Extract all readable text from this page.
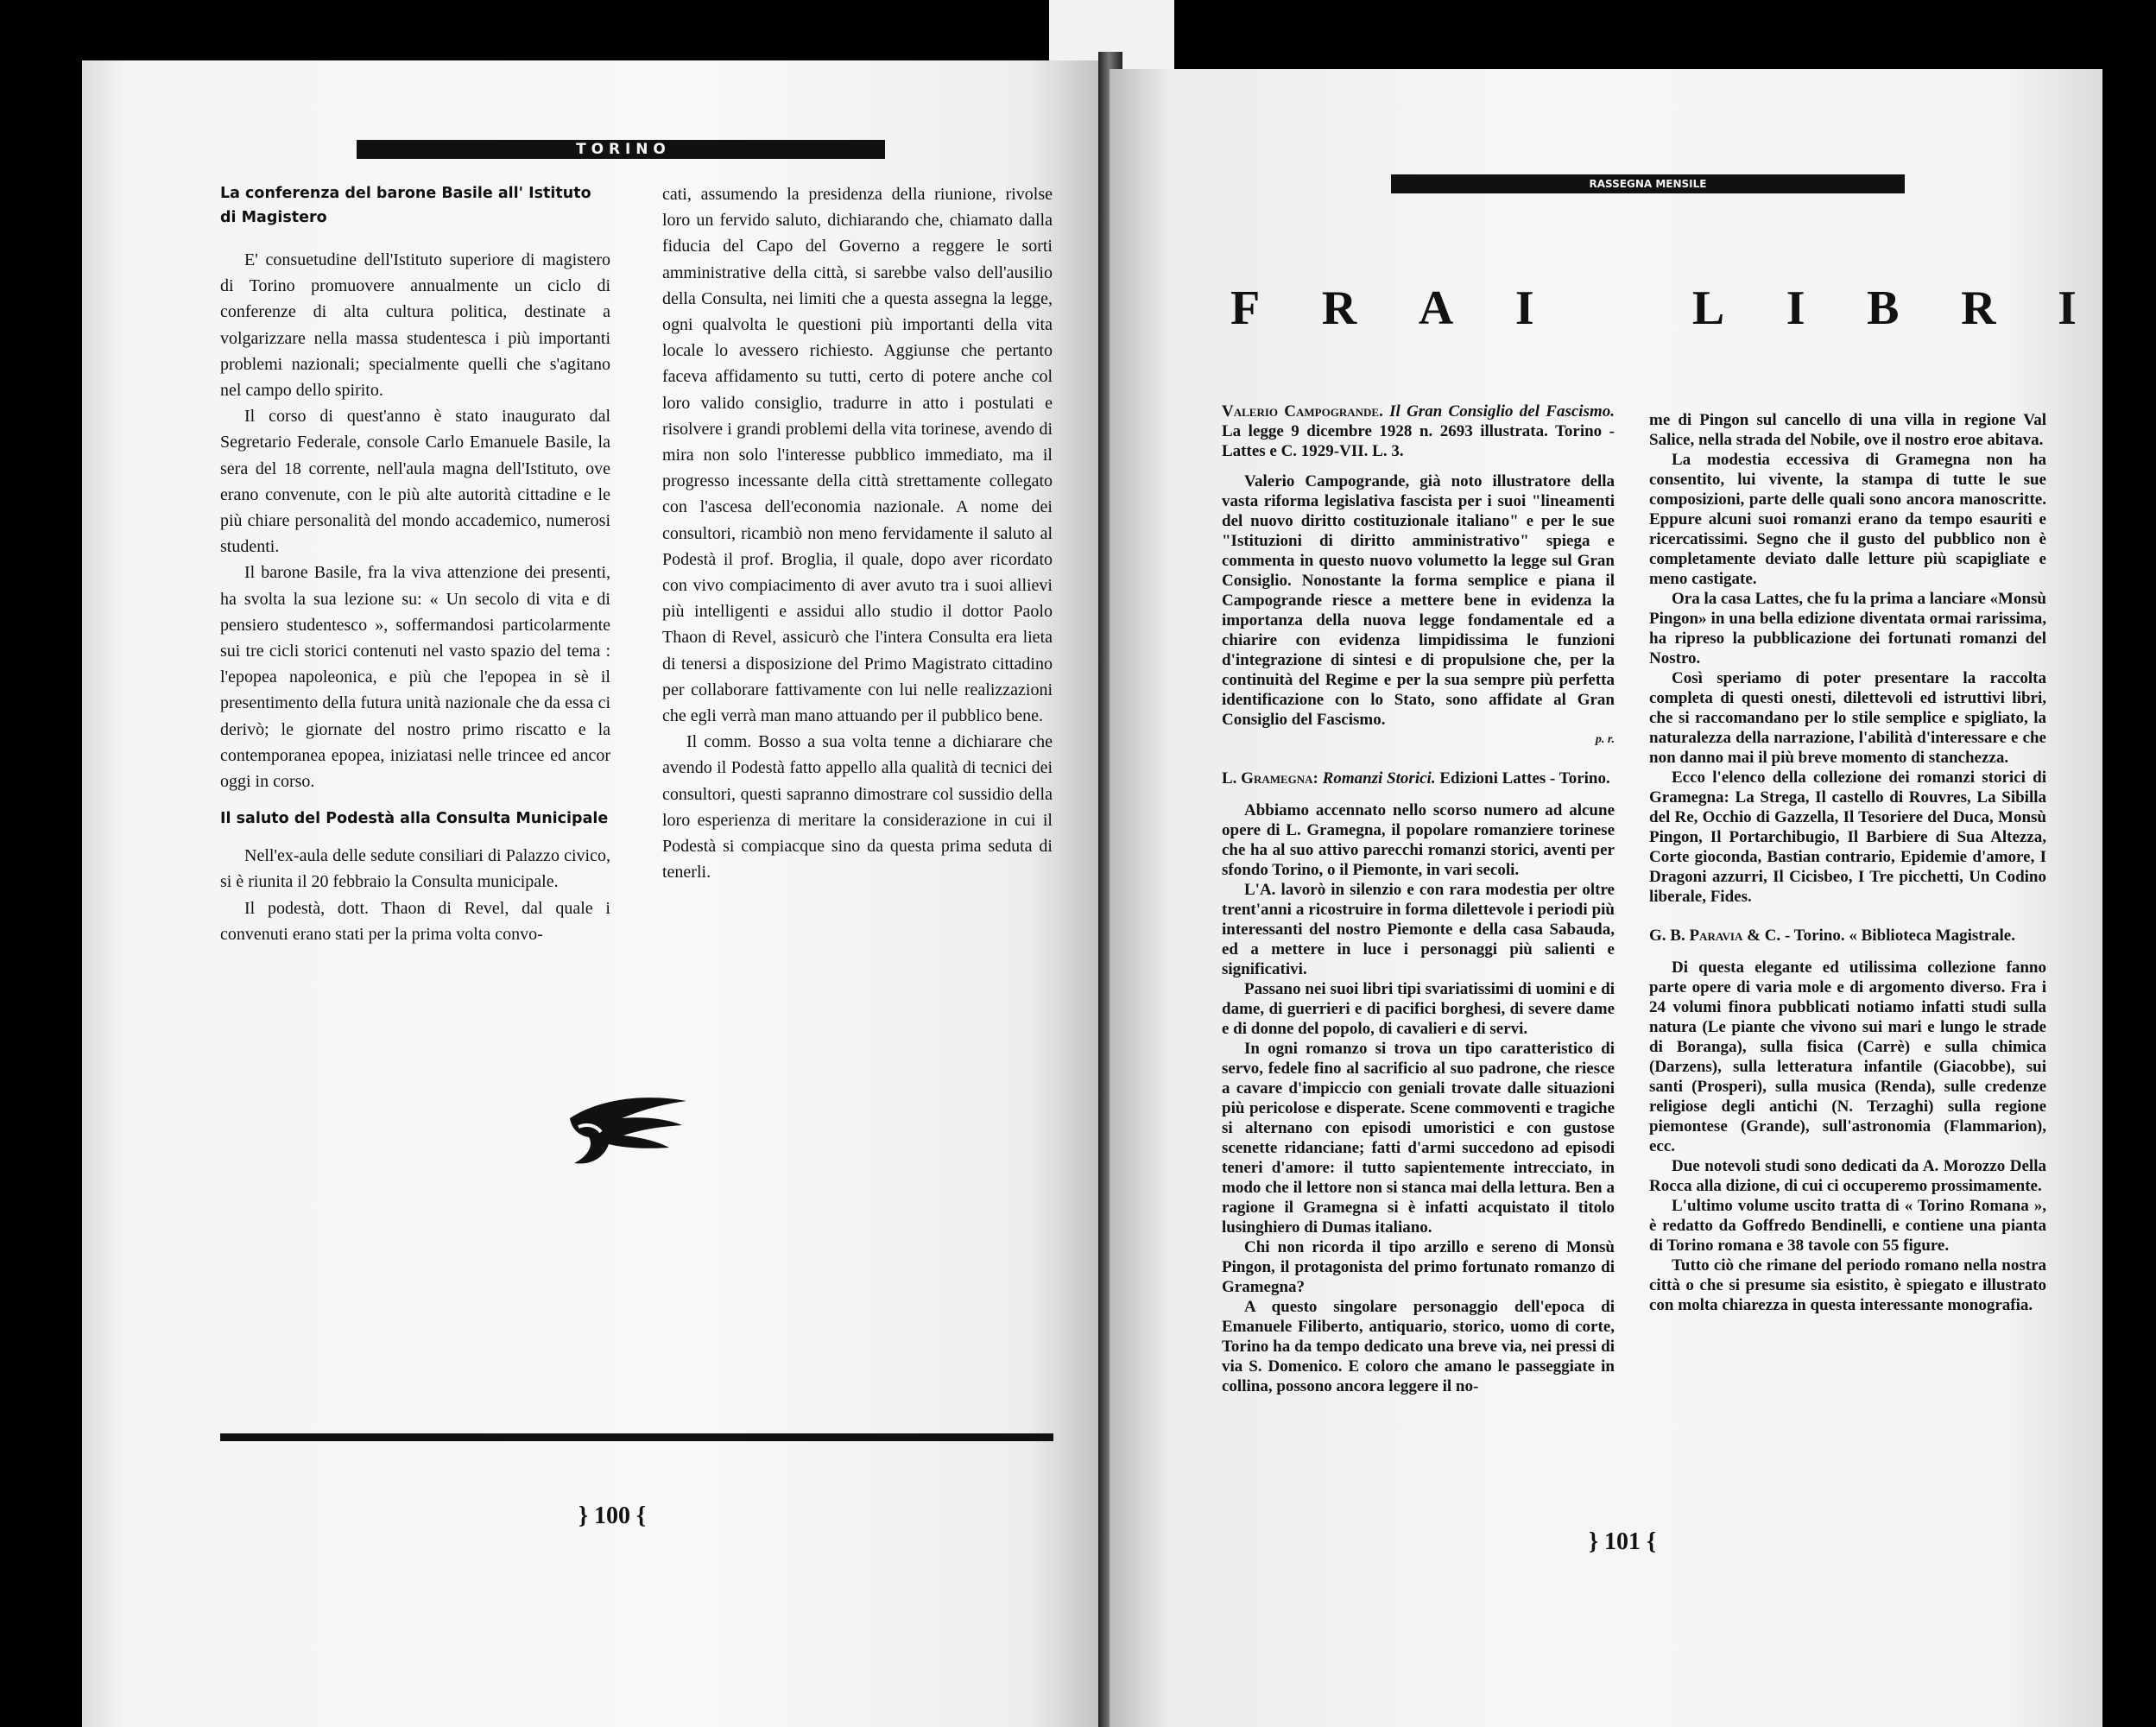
T O R I N O
La conferenza del barone Basile all' Istituto di Magistero

E' consuetudine dell'Istituto superiore di magistero di Torino promuovere annualmente un ciclo di conferenze di alta cultura politica, destinate a volgarizzare nella massa studentesca i più importanti problemi nazionali; specialmente quelli che s'agitano nel campo dello spirito.

Il corso di quest'anno è stato inaugurato dal Segretario Federale, console Carlo Emanuele Basile, la sera del 18 corrente, nell'aula magna dell'Istituto, ove erano convenute, con le più alte autorità cittadine e le più chiare personalità del mondo accademico, numerosi studenti.

Il barone Basile, fra la viva attenzione dei presenti, ha svolta la sua lezione su: « Un secolo di vita e di pensiero studentesco », soffermandosi particolarmente sui tre cicli storici contenuti nel vasto spazio del tema : l'epopea napoleonica, e più che l'epopea in sè il presentimento della futura unità nazionale che da essa ci derivò; le giornate del nostro primo riscatto e la contemporanea epopea, iniziatasi nelle trincee ed ancor oggi in corso.

Il saluto del Podestà alla Consulta Municipale

Nell'ex-aula delle sedute consiliari di Palazzo civico, si è riunita il 20 febbraio la Consulta municipale.

Il podestà, dott. Thaon di Revel, dal quale i convenuti erano stati per la prima volta convo-

cati, assumendo la presidenza della riunione, rivolse loro un fervido saluto, dichiarando che, chiamato dalla fiducia del Capo del Governo a reggere le sorti amministrative della città, si sarebbe valso dell'ausilio della Consulta, nei limiti che a questa assegna la legge, ogni qualvolta le questioni più importanti della vita locale lo avessero richiesto. Aggiunse che pertanto faceva affidamento su tutti, certo di potere anche col loro valido consiglio, tradurre in atto i postulati e risolvere i grandi problemi della vita torinese, avendo di mira non solo l'interesse pubblico immediato, ma il progresso incessante della città strettamente collegato con l'ascesa dell'economia nazionale. A nome dei consultori, ricambiò non meno fervidamente il saluto al Podestà il prof. Broglia, il quale, dopo aver ricordato con vivo compiacimento di aver avuto tra i suoi allievi più intelligenti e assidui allo studio il dottor Paolo Thaon di Revel, assicurò che l'intera Consulta era lieta di tenersi a disposizione del Primo Magistrato cittadino per collaborare fattivamente con lui nelle realizzazioni che egli verrà man mano attuando per il pubblico bene.

Il comm. Bosso a sua volta tenne a dichiarare che avendo il Podestà fatto appello alla qualità di tecnici dei consultori, questi sapranno dimostrare col sussidio della loro esperienza di meritare la considerazione in cui il Podestà si compiacque sino da questa prima seduta di tenerli.

} 100 {
RASSEGNA MENSILE
F R A I	L I B R I

Valerio Campogrande. Il Gran Consiglio del Fascismo. La legge 9 dicembre 1928 n. 2693 illustrata. Torino - Lattes e C. 1929-VII. L. 3.

Valerio Campogrande, già noto illustratore della vasta riforma legislativa fascista per i suoi "lineamenti del nuovo diritto costituzionale italiano" e per le sue "Istituzioni di diritto amministrativo" spiega e commenta in questo nuovo volumetto la legge sul Gran Consiglio. Nonostante la forma semplice e piana il Campogrande riesce a mettere bene in evidenza la importanza della nuova legge fondamentale ed a chiarire con evidenza limpidissima le funzioni d'integrazione di sintesi e di propulsione che, per la continuità del Regime e per la sua sempre più perfetta identificazione con lo Stato, sono affidate al Gran Consiglio del Fascismo.

p. r.

L. Gramegna: Romanzi Storici. Edizioni Lattes - Torino.

Abbiamo accennato nello scorso numero ad alcune opere di L. Gramegna, il popolare romanziere torinese che ha al suo attivo parecchi romanzi storici, aventi per sfondo Torino, o il Piemonte, in vari secoli.

L'A. lavorò in silenzio e con rara modestia per oltre trent'anni a ricostruire in forma dilettevole i periodi più interessanti del nostro Piemonte e della casa Sabauda, ed a mettere in luce i personaggi più salienti e significativi.

Passano nei suoi libri tipi svariatissimi di uomini e di dame, di guerrieri e di pacifici borghesi, di severe dame e di donne del popolo, di cavalieri e di servi.

In ogni romanzo si trova un tipo caratteristico di servo, fedele fino al sacrificio al suo padrone, che riesce a cavare d'impiccio con geniali trovate dalle situazioni più pericolose e disperate. Scene commoventi e tragiche si alternano con episodi umoristici e con gustose scenette ridanciane; fatti d'armi succedono ad episodi teneri d'amore: il tutto sapientemente intrecciato, in modo che il lettore non si stanca mai della lettura. Ben a ragione il Gramegna si è infatti acquistato il titolo lusinghiero di Dumas italiano.

Chi non ricorda il tipo arzillo e sereno di Monsù Pingon, il protagonista del primo fortunato romanzo di Gramegna?

A questo singolare personaggio dell'epoca di Emanuele Filiberto, antiquario, storico, uomo di corte, Torino ha da tempo dedicato una breve via, nei pressi di via S. Domenico. E coloro che amano le passeggiate in collina, possono ancora leggere il no-

me di Pingon sul cancello di una villa in regione Val Salice, nella strada del Nobile, ove il nostro eroe abitava.

La modestia eccessiva di Gramegna non ha consentito, lui vivente, la stampa di tutte le sue composizioni, parte delle quali sono ancora manoscritte. Eppure alcuni suoi romanzi erano da tempo esauriti e ricercatissimi. Segno che il gusto del pubblico non è completamente deviato dalle letture più scapigliate e meno castigate.

Ora la casa Lattes, che fu la prima a lanciare «Monsù Pingon» in una bella edizione diventata ormai rarissima, ha ripreso la pubblicazione dei fortunati romanzi del Nostro.

Così speriamo di poter presentare la raccolta completa di questi onesti, dilettevoli ed istruttivi libri, che si raccomandano per lo stile semplice e spigliato, la naturalezza della narrazione, l'abilità d'interessare e che non danno mai il più breve momento di stanchezza.

Ecco l'elenco della collezione dei romanzi storici di Gramegna: La Strega, Il castello di Rouvres, La Sibilla del Re, Occhio di Gazzella, Il Tesoriere del Duca, Monsù Pingon, Il Portarchibugio, Il Barbiere di Sua Altezza, Corte gioconda, Bastian contrario, Epidemie d'amore, I Dragoni azzurri, Il Cicisbeo, I Tre picchetti, Un Codino liberale, Fides.

G. B. Paravia & C. - Torino. « Biblioteca Magistrale.

Di questa elegante ed utilissima collezione fanno parte opere di varia mole e di argomento diverso. Fra i 24 volumi finora pubblicati notiamo infatti studi sulla natura (Le piante che vivono sui mari e lungo le strade di Boranga), sulla fisica (Carrè) e sulla chimica (Darzens), sulla letteratura infantile (Giacobbe), sui santi (Prosperi), sulla musica (Renda), sulle credenze religiose degli antichi (N. Terzaghi) sulla regione piemontese (Grande), sull'astronomia (Flammarion), ecc.

Due notevoli studi sono dedicati da A. Morozzo Della Rocca alla dizione, di cui ci occuperemo prossimamente.

L'ultimo volume uscito tratta di « Torino Romana », è redatto da Goffredo Bendinelli, e contiene una pianta di Torino romana e 38 tavole con 55 figure.

Tutto ciò che rimane del periodo romano nella nostra città o che si presume sia esistito, è spiegato e illustrato con molta chiarezza in questa interessante monografia.

} 101 {
